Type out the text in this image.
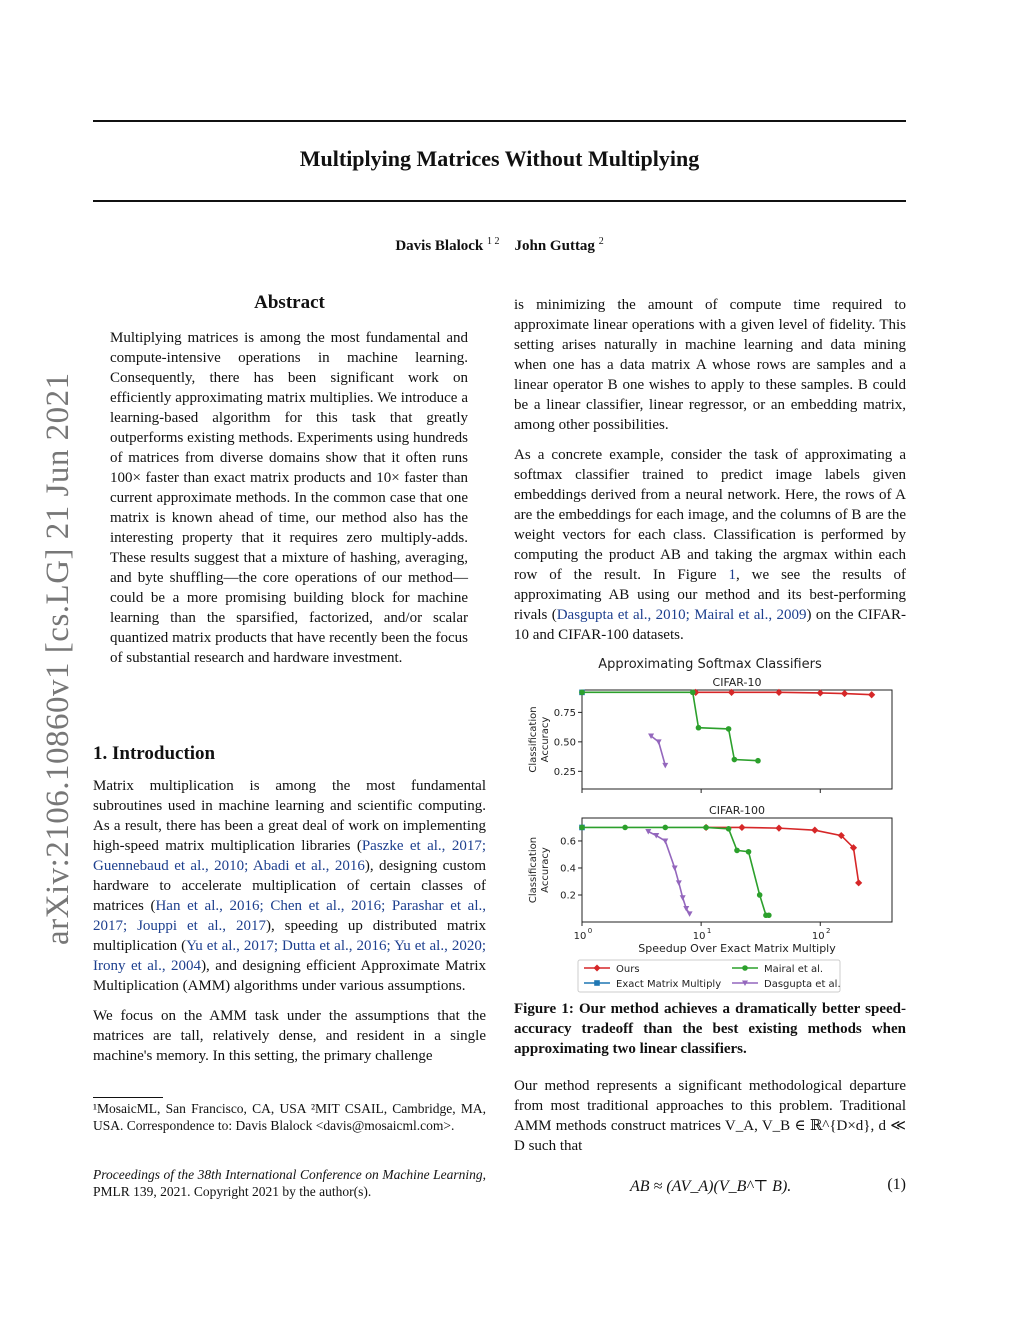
Multiplying Matrices Without Multiplying
Davis Blalock $^{1 2}$ John Guttag $^2$
arXiv:2106.10860v1 [cs.LG] 21 Jun 2021
Abstract

Multiplying matrices is among the most fundamental and compute-intensive operations in machine learning. Consequently, there has been significant work on efficiently approximating matrix multiplies. We introduce a learning-based algorithm for this task that greatly outperforms existing methods. Experiments using hundreds of matrices from diverse domains show that it often runs 100× faster than exact matrix products and 10× faster than current approximate methods. In the common case that one matrix is known ahead of time, our method also has the interesting property that it requires zero multiply-adds. These results suggest that a mixture of hashing, averaging, and byte shuffling—the core operations of our method—could be a more promising building block for machine learning than the sparsified, factorized, and/or scalar quantized matrix products that have recently been the focus of substantial research and hardware investment.

1. Introduction

Matrix multiplication is among the most fundamental subroutines used in machine learning and scientific computing. As a result, there has been a great deal of work on implementing high-speed matrix multiplication libraries (Paszke et al., 2017; Guennebaud et al., 2010; Abadi et al., 2016), designing custom hardware to accelerate multiplication of certain classes of matrices (Han et al., 2016; Chen et al., 2016; Parashar et al., 2017; Jouppi et al., 2017), speeding up distributed matrix multiplication (Yu et al., 2017; Dutta et al., 2016; Yu et al., 2020; Irony et al., 2004), and designing efficient Approximate Matrix Multiplication (AMM) algorithms under various assumptions.

We focus on the AMM task under the assumptions that the matrices are tall, relatively dense, and resident in a single machine's memory. In this setting, the primary challenge

¹MosaicML, San Francisco, CA, USA ²MIT CSAIL, Cambridge, MA, USA. Correspondence to: Davis Blalock <davis@mosaicml.com>.
Proceedings of the 38th International Conference on Machine Learning, PMLR 139, 2021. Copyright 2021 by the author(s).

is minimizing the amount of compute time required to approximate linear operations with a given level of fidelity. This setting arises naturally in machine learning and data mining when one has a data matrix A whose rows are samples and a linear operator B one wishes to apply to these samples. B could be a linear classifier, linear regressor, or an embedding matrix, among other possibilities.

As a concrete example, consider the task of approximating a softmax classifier trained to predict image labels given embeddings derived from a neural network. Here, the rows of A are the embeddings for each image, and the columns of B are the weight vectors for each class. Classification is performed by computing the product AB and taking the argmax within each row of the result. In Figure 1, we see the results of approximating AB using our method and its best-performing rivals (Dasgupta et al., 2010; Mairal et al., 2009) on the CIFAR-10 and CIFAR-100 datasets.

Approximating Softmax Classifiers
CIFAR-10
Classification Accuracy
0.25
0.50
0.75
CIFAR-100
Classification Accuracy
0.2
0.4
0.6
10 0	10 1	10 2
Speedup Over Exact Matrix Multiply
Ours	Mairal et al.
Exact Matrix Multiply	Dasgupta et al.
Figure 1: Our method achieves a dramatically better speed-accuracy tradeoff than the best existing methods when approximating two linear classifiers.

Our method represents a significant methodological departure from most traditional approaches to this problem. Traditional AMM methods construct matrices V_A, V_B ∈ ℝ^{D×d}, d ≪ D such that

AB ≈ (AV_A)(V_B^⊤ B).	(1)
